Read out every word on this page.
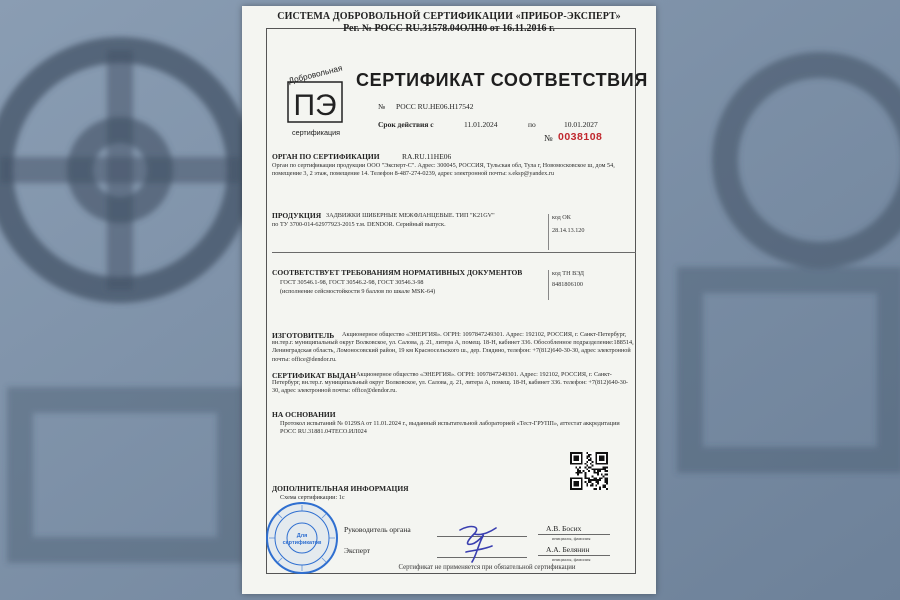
СИСТЕМА ДОБРОВОЛЬНОЙ СЕРТИФИКАЦИИ «ПРИБОР-ЭКСПЕРТ»
Рег. № РОСС RU.31578.04ОЛН0 от 16.11.2016 г.
Добровольная
ПЭ
сертификация
СЕРТИФИКАТ СООТВЕТСТВИЯ
№ РОСС RU.HE06.H17542
Срок действия с	11.01.2024	по	10.01.2027
№ 0038108
ОРГАН ПО СЕРТИФИКАЦИИ	RA.RU.11HE06
Орган по сертификации продукции ООО "Эксперт-С". Адрес: 300045, РОССИЯ, Тульская обл, Тула г, Новомосковское ш, дом 54, помещение 3, 2 этаж, помещение 14. Телефон 8-487-274-0239, адрес электронной почты: s.eksp@yandex.ru
ПРОДУКЦИЯ ЗАДВИЖКИ ШИБЕРНЫЕ МЕЖФЛАНЦЕВЫЕ. ТИП "K21GV"
по ТУ 3700-014-62977923-2015 т.м. DENDOR. Серийный выпуск.
код ОК
28.14.13.120
СООТВЕТСТВУЕТ ТРЕБОВАНИЯМ НОРМАТИВНЫХ ДОКУМЕНТОВ
ГОСТ 30546.1-98, ГОСТ 30546.2-98, ГОСТ 30546.3-98
(исполнение сейсмостойкости 9 баллов по шкале MSK-64)
код ТН ВЭД
8481806100
ИЗГОТОВИТЕЛЬ	Акционерное общество «ЭНЕРГИЯ». ОГРН: 1097847249301. Адрес: 192102, РОССИЯ, г. Санкт-Петербург, вн.тер.г. муниципальный округ Волковское, ул. Салова, д. 21, литера А, помещ. 18-Н, кабинет 336. Обособленное подразделение:188514, Ленинградская область, Ломоносовский район, 19 км Красносельского ш., дер. Глядино, телефон: +7(812)640-30-30, адрес электронной почты: office@dendor.ru.
СЕРТИФИКАТ ВЫДАН Акционерное общество «ЭНЕРГИЯ». ОГРН: 1097847249301. Адрес: 192102, РОССИЯ, г. Санкт-Петербург, вн.тер.г. муниципальный округ Волковское, ул. Салова, д. 21, литера А, помещ. 18-Н, кабинет 336. телефон: +7(812)640-30-30, адрес электронной почты: office@dendor.ru.
НА ОСНОВАНИИ
Протокол испытаний № 0129SA от 11.01.2024 г., выданный испытательной лабораторией «Тест-ГРУПП», аттестат аккредитации РОСС RU.31881.04ТЕСО.ИЛ024
ДОПОЛНИТЕЛЬНАЯ ИНФОРМАЦИЯ
Схема сертификации: 1с
Руководитель органа	А.В. Босих
инициалы, фамилия
Эксперт	А.А. Белянин
инициалы, фамилия
Для сертификатов
Сертификат не применяется при обязательной сертификации
